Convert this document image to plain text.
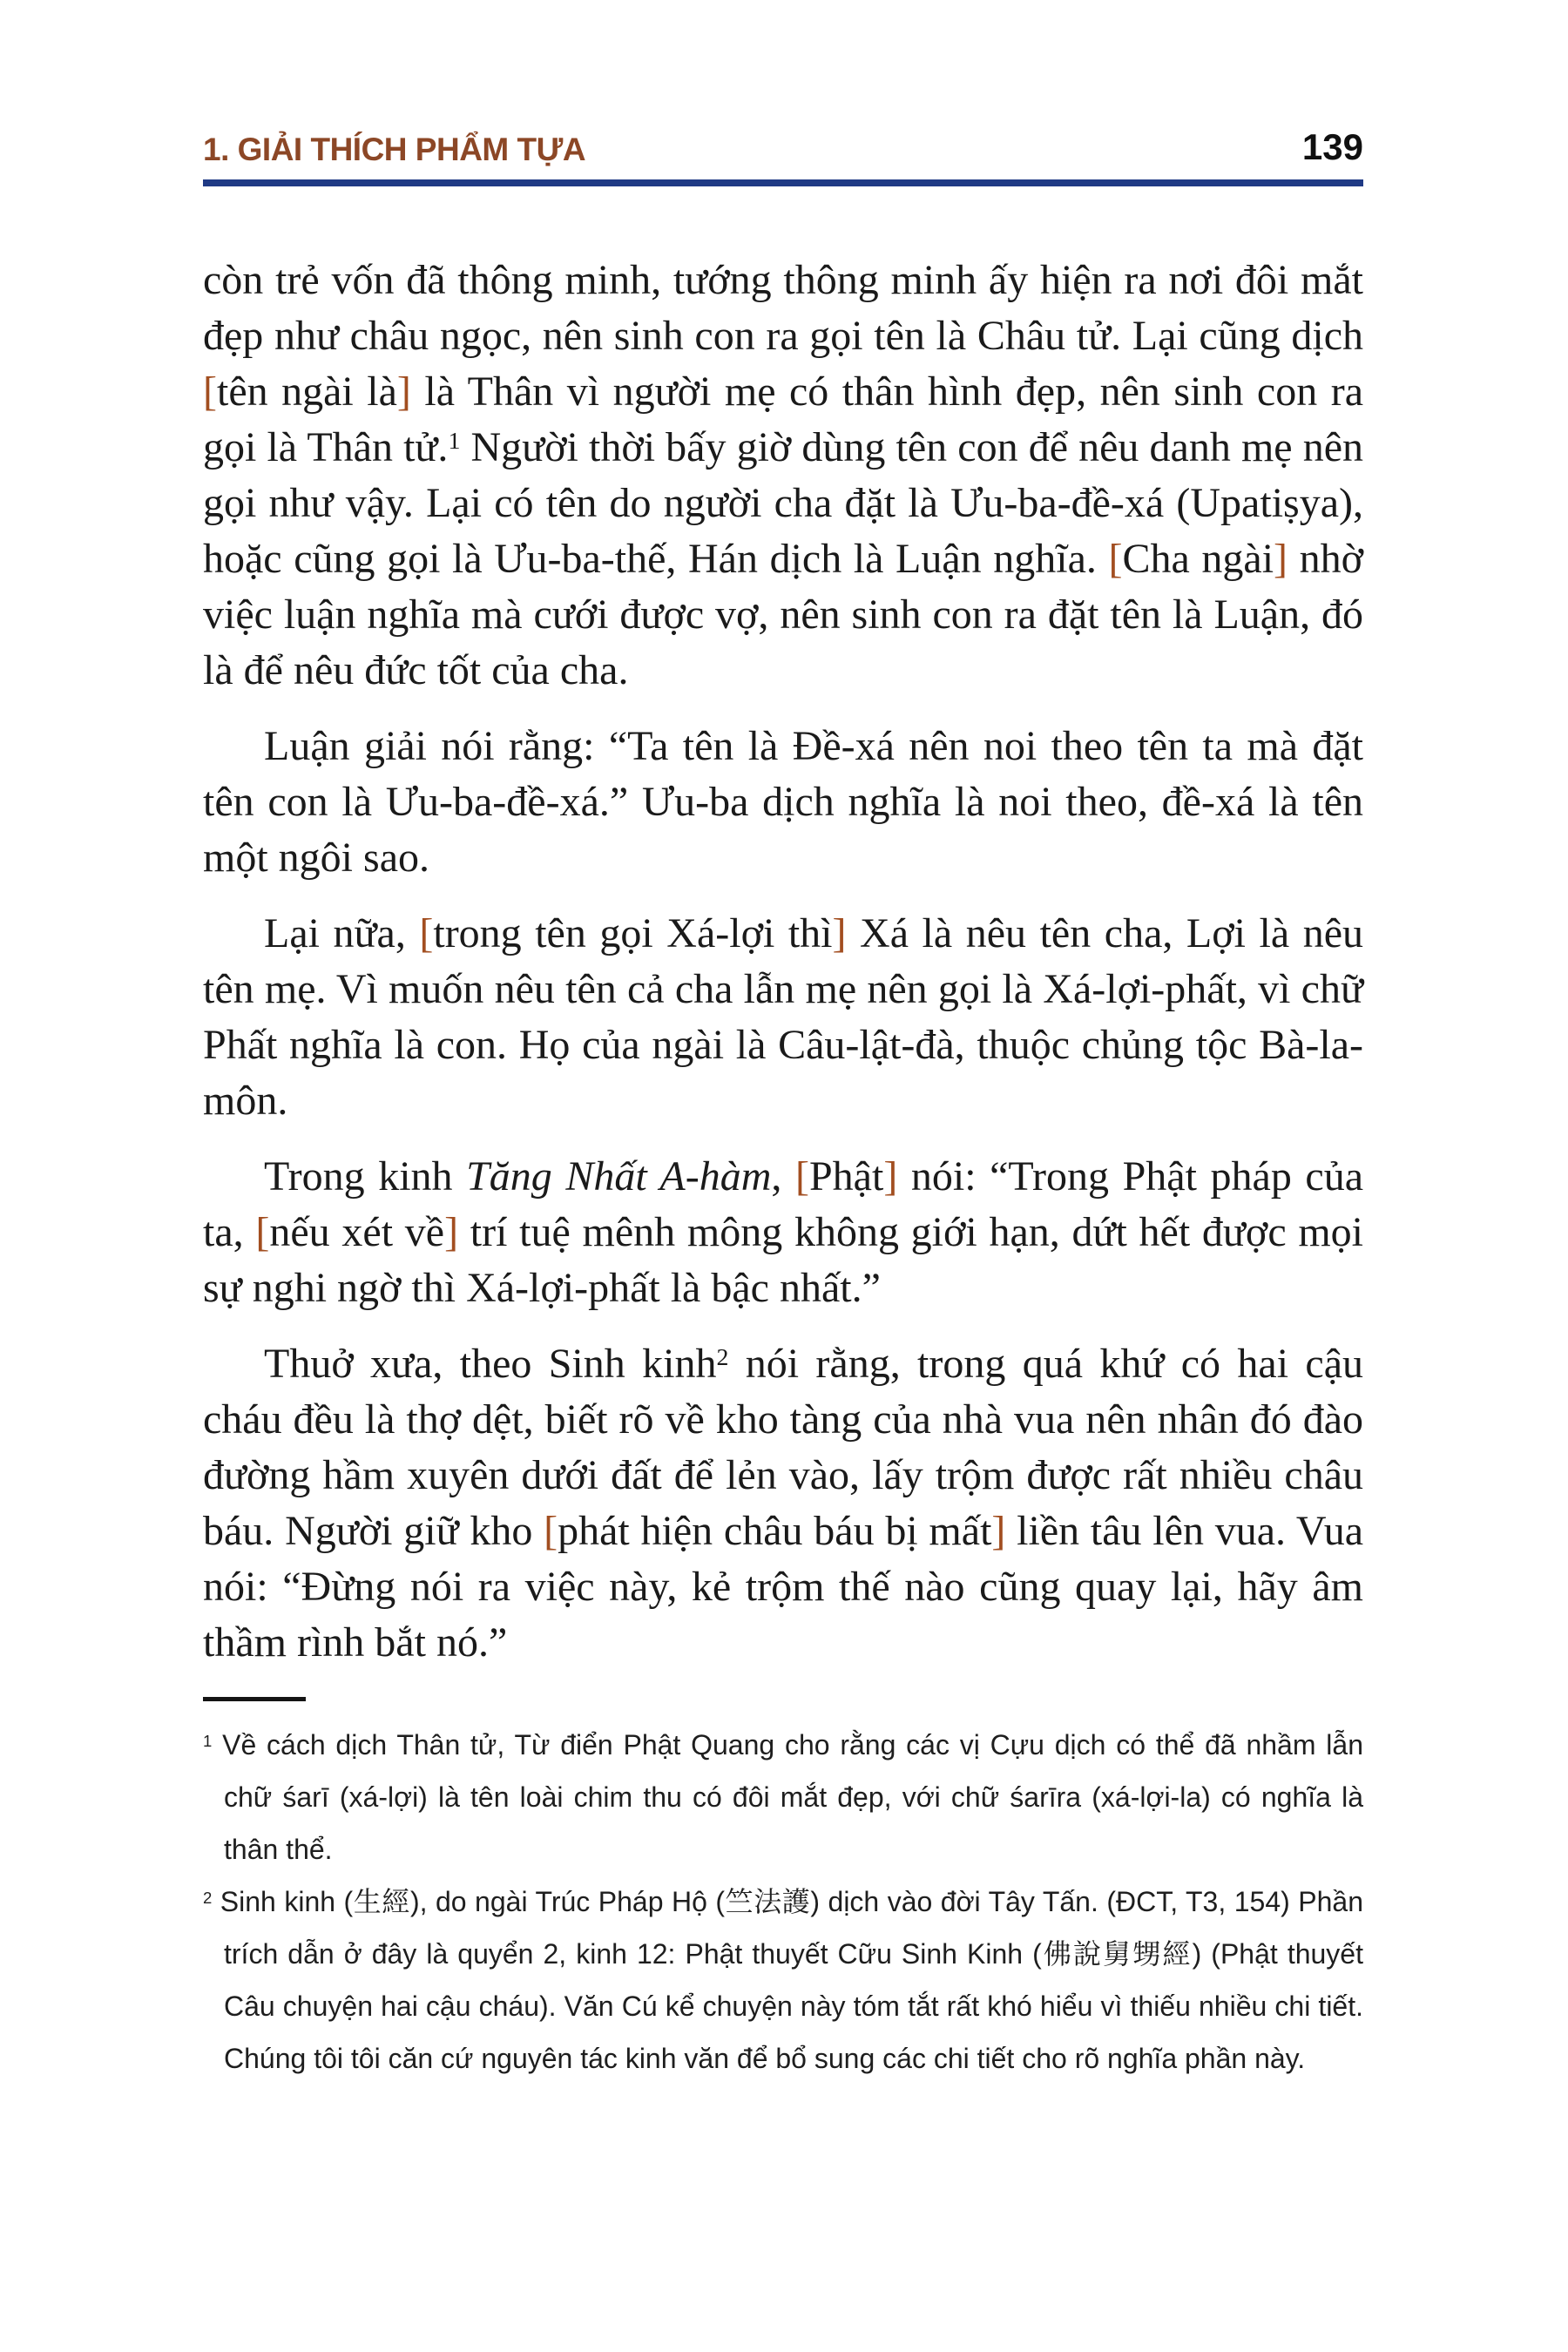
1. GIẢI THÍCH PHẨM TỰA	139

còn trẻ vốn đã thông minh, tướng thông minh ấy hiện ra nơi đôi mắt đẹp như châu ngọc, nên sinh con ra gọi tên là Châu tử. Lại cũng dịch [tên ngài là] là Thân vì người mẹ có thân hình đẹp, nên sinh con ra gọi là Thân tử.$^1$ Người thời bấy giờ dùng tên con để nêu danh mẹ nên gọi như vậy. Lại có tên do người cha đặt là Ưu-ba-đề-xá (Upatiṣya), hoặc cũng gọi là Ưu-ba-thế, Hán dịch là Luận nghĩa. [Cha ngài] nhờ việc luận nghĩa mà cưới được vợ, nên sinh con ra đặt tên là Luận, đó là để nêu đức tốt của cha.

Luận giải nói rằng: “Ta tên là Đề-xá nên noi theo tên ta mà đặt tên con là Ưu-ba-đề-xá.” Ưu-ba dịch nghĩa là noi theo, đề-xá là tên một ngôi sao.

Lại nữa, [trong tên gọi Xá-lợi thì] Xá là nêu tên cha, Lợi là nêu tên mẹ. Vì muốn nêu tên cả cha lẫn mẹ nên gọi là Xá-lợi-phất, vì chữ Phất nghĩa là con. Họ của ngài là Câu-lật-đà, thuộc chủng tộc Bà-la-môn.

Trong kinh Tăng Nhất A-hàm, [Phật] nói: “Trong Phật pháp của ta, [nếu xét về] trí tuệ mênh mông không giới hạn, dứt hết được mọi sự nghi ngờ thì Xá-lợi-phất là bậc nhất.”

Thuở xưa, theo Sinh kinh$^2$ nói rằng, trong quá khứ có hai cậu cháu đều là thợ dệt, biết rõ về kho tàng của nhà vua nên nhân đó đào đường hầm xuyên dưới đất để lẻn vào, lấy trộm được rất nhiều châu báu. Người giữ kho [phát hiện châu báu bị mất] liền tâu lên vua. Vua nói: “Đừng nói ra việc này, kẻ trộm thế nào cũng quay lại, hãy âm thầm rình bắt nó.”

$^1$ Về cách dịch Thân tử, Từ điển Phật Quang cho rằng các vị Cựu dịch có thể đã nhầm lẫn chữ śarī (xá-lợi) là tên loài chim thu có đôi mắt đẹp, với chữ śarīra (xá-lợi-la) có nghĩa là thân thể.

$^2$ Sinh kinh (生經), do ngài Trúc Pháp Hộ (竺法護) dịch vào đời Tây Tấn. (ĐCT, T3, 154) Phần trích dẫn ở đây là quyển 2, kinh 12: Phật thuyết Cữu Sinh Kinh (佛說舅甥經) (Phật thuyết Câu chuyện hai cậu cháu). Văn Cú kể chuyện này tóm tắt rất khó hiểu vì thiếu nhiều chi tiết. Chúng tôi tôi căn cứ nguyên tác kinh văn để bổ sung các chi tiết cho rõ nghĩa phần này.
